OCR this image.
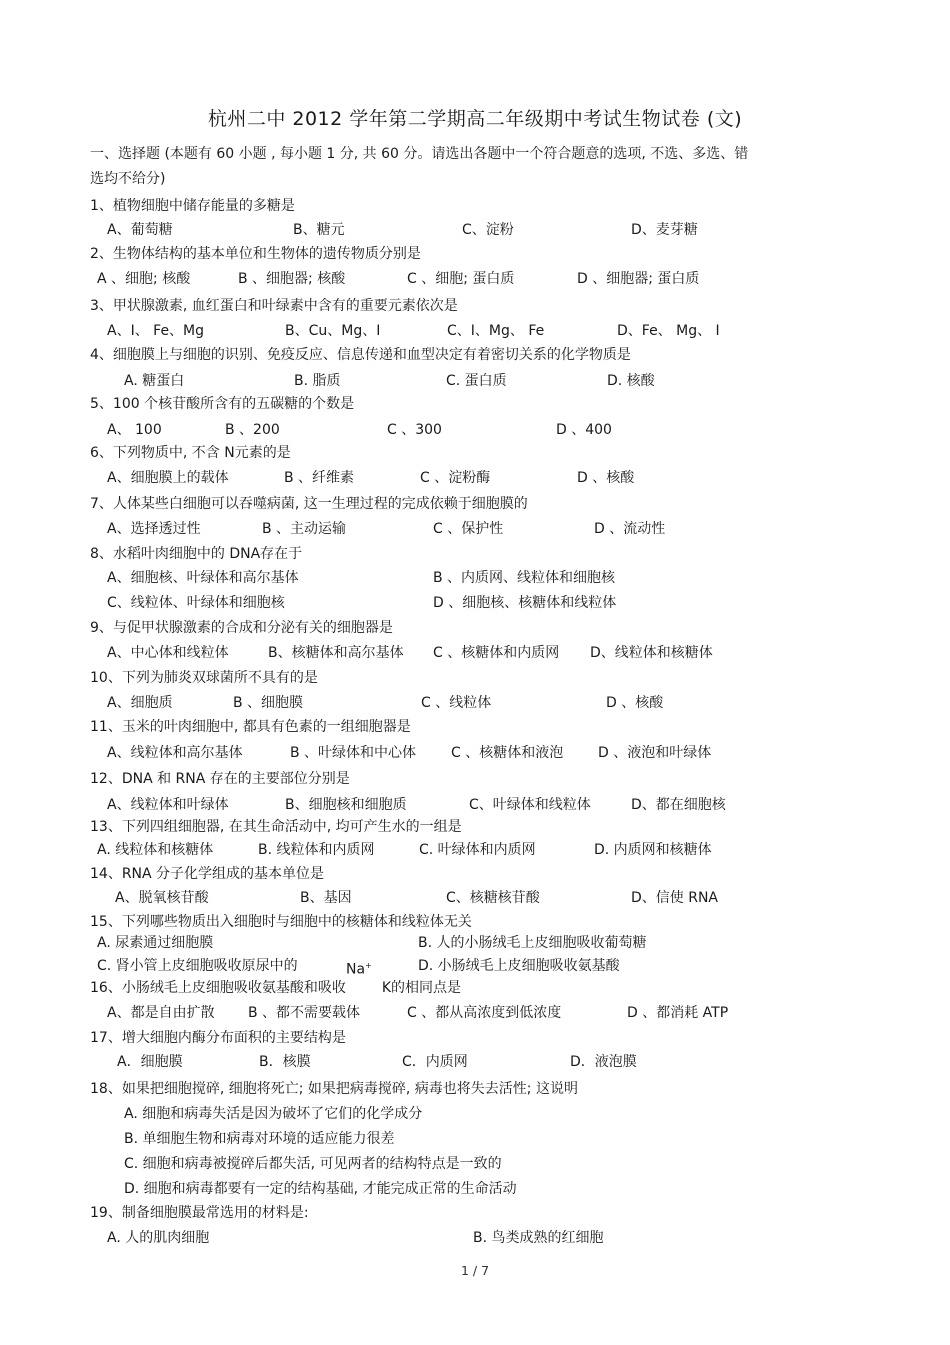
杭州二中 2012 学年第二学期高二年级期中考试生物试卷 (文)
一、选择题 (本题有 60 小题 , 每小题 1 分, 共 60 分。请选出各题中一个符合题意的选项, 不选、多选、错
选均不给分)
1、植物细胞中储存能量的多糖是
A、葡萄糖	B、糖元	C、淀粉	D、麦芽糖
2、生物体结构的基本单位和生物体的遗传物质分别是
A 、细胞; 核酸	B 、细胞器; 核酸	C 、细胞; 蛋白质	D 、细胞器; 蛋白质
3、甲状腺激素, 血红蛋白和叶绿素中含有的重要元素依次是
A、I、 Fe、Mg	B、Cu、Mg、I	C、I、Mg、 Fe	D、Fe、 Mg、 I
4、细胞膜上与细胞的识别、免疫反应、信息传递和血型决定有着密切关系的化学物质是
A. 糖蛋白	B. 脂质	C. 蛋白质	D. 核酸
5、100 个核苷酸所含有的五碳糖的个数是
A、 100	B 、200	C 、300	D 、400
6、下列物质中, 不含 N元素的是
A、细胞膜上的载体	B 、纤维素	C 、淀粉酶	D 、核酸
7、人体某些白细胞可以吞噬病菌, 这一生理过程的完成依赖于细胞膜的
A、选择透过性	B 、主动运输	C 、保护性	D 、流动性
8、水稻叶肉细胞中的 DNA存在于
A、细胞核、叶绿体和高尔基体	B 、内质网、线粒体和细胞核
C、线粒体、叶绿体和细胞核	D 、细胞核、核糖体和线粒体
9、与促甲状腺激素的合成和分泌有关的细胞器是
A、中心体和线粒体	B、核糖体和高尔基体 C 、核糖体和内质网 D、线粒体和核糖体
10、下列为肺炎双球菌所不具有的是
A、细胞质	B 、细胞膜	C 、线粒体	D 、核酸
11、玉米的叶肉细胞中, 都具有色素的一组细胞器是
A、线粒体和高尔基体	B 、叶绿体和中心体 C 、核糖体和液泡 D 、液泡和叶绿体
12、DNA 和 RNA 存在的主要部位分别是
A、线粒体和叶绿体	B、细胞核和细胞质	C、叶绿体和线粒体	D、都在细胞核
13、下列四组细胞器, 在其生命活动中, 均可产生水的一组是
A. 线粒体和核糖体	B. 线粒体和内质网	C. 叶绿体和内质网	D. 内质网和核糖体
14、RNA 分子化学组成的基本单位是
A、脱氧核苷酸	B、基因	C、核糖核苷酸	D、信使 RNA
15、下列哪些物质出入细胞时与细胞中的核糖体和线粒体无关
A. 尿素通过细胞膜	B. 人的小肠绒毛上皮细胞吸收葡萄糖
C. 肾小管上皮细胞吸收原尿中的	Na+	D. 小肠绒毛上皮细胞吸收氨基酸
16、小肠绒毛上皮细胞吸收氨基酸和吸收	K的相同点是
A、都是自由扩散 B 、都不需要载体	C 、都从高浓度到低浓度	D 、都消耗 ATP
17、增大细胞内酶分布面积的主要结构是
A．细胞膜	B．核膜	C．内质网	D．液泡膜
18、如果把细胞搅碎, 细胞将死亡; 如果把病毒搅碎, 病毒也将失去活性; 这说明
A. 细胞和病毒失活是因为破坏了它们的化学成分
B. 单细胞生物和病毒对环境的适应能力很差
C. 细胞和病毒被搅碎后都失活, 可见两者的结构特点是一致的
D. 细胞和病毒都要有一定的结构基础, 才能完成正常的生命活动
19、制备细胞膜最常选用的材料是:
A. 人的肌肉细胞	B. 鸟类成熟的红细胞
1 / 7
